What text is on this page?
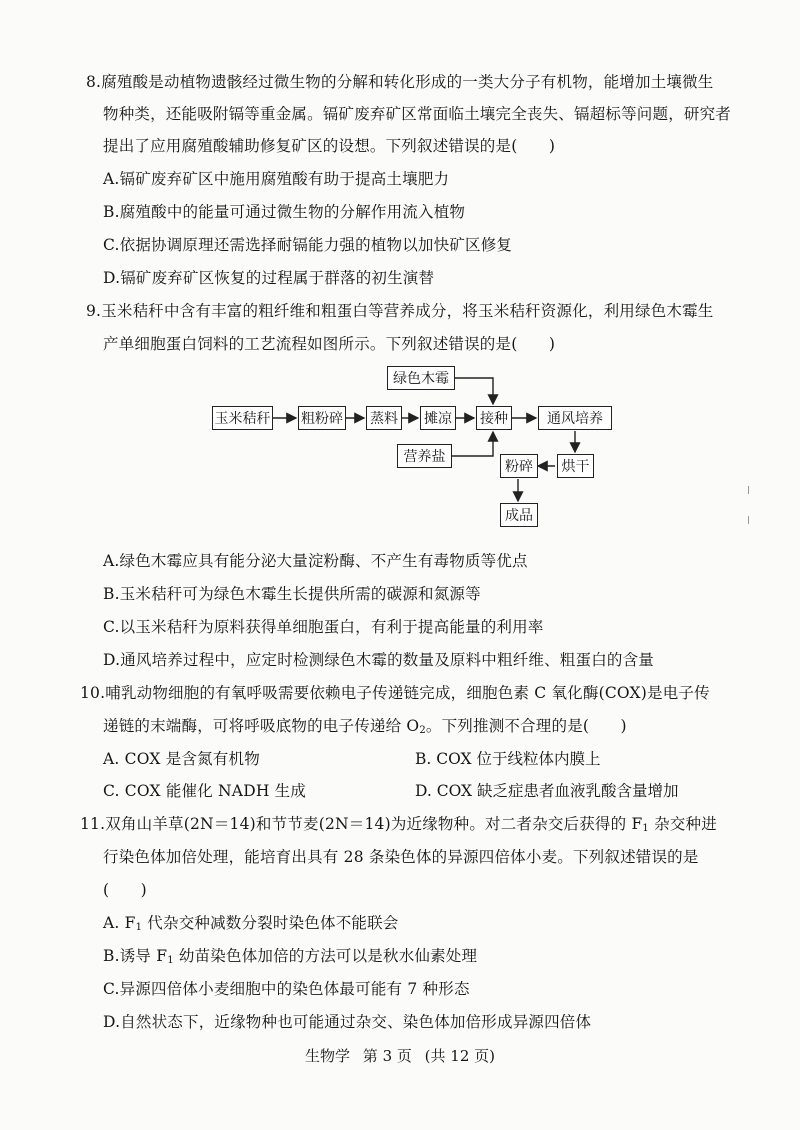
8.腐殖酸是动植物遗骸经过微生物的分解和转化形成的一类大分子有机物，能增加土壤微生
物种类，还能吸附镉等重金属。镉矿废弃矿区常面临土壤完全丧失、镉超标等问题，研究者
提出了应用腐殖酸辅助修复矿区的设想。下列叙述错误的是(　　)
A.镉矿废弃矿区中施用腐殖酸有助于提高土壤肥力
B.腐殖酸中的能量可通过微生物的分解作用流入植物
C.依据协调原理还需选择耐镉能力强的植物以加快矿区修复
D.镉矿废弃矿区恢复的过程属于群落的初生演替
9.玉米秸秆中含有丰富的粗纤维和粗蛋白等营养成分，将玉米秸秆资源化，利用绿色木霉生
产单细胞蛋白饲料的工艺流程如图所示。下列叙述错误的是(　　)
玉米秸秆 粗粉碎 蒸料 摊凉 接种	通风培养
绿色木霉
营养盐
烘干
粉碎
成品
A.绿色木霉应具有能分泌大量淀粉酶、不产生有毒物质等优点
B.玉米秸秆可为绿色木霉生长提供所需的碳源和氮源等
C.以玉米秸秆为原料获得单细胞蛋白，有利于提高能量的利用率
D.通风培养过程中，应定时检测绿色木霉的数量及原料中粗纤维、粗蛋白的含量
10.哺乳动物细胞的有氧呼吸需要依赖电子传递链完成，细胞色素 C 氧化酶(COX)是电子传
递链的末端酶，可将呼吸底物的电子传递给 $O_2$。下列推测不合理的是(　　)
A. COX 是含氮有机物	B. COX 位于线粒体内膜上
C. COX 能催化 NADH 生成	D. COX 缺乏症患者血液乳酸含量增加
11.双角山羊草(2N＝14)和节节麦(2N＝14)为近缘物种。对二者杂交后获得的 $F_1$ 杂交种进
行染色体加倍处理，能培育出具有 28 条染色体的异源四倍体小麦。下列叙述错误的是
(　　)
A. $F_1$ 代杂交种减数分裂时染色体不能联会
B.诱导 $F_1$ 幼苗染色体加倍的方法可以是秋水仙素处理
C.异源四倍体小麦细胞中的染色体最可能有 7 种形态
D.自然状态下，近缘物种也可能通过杂交、染色体加倍形成异源四倍体
生物学 第 3 页 (共 12 页)
